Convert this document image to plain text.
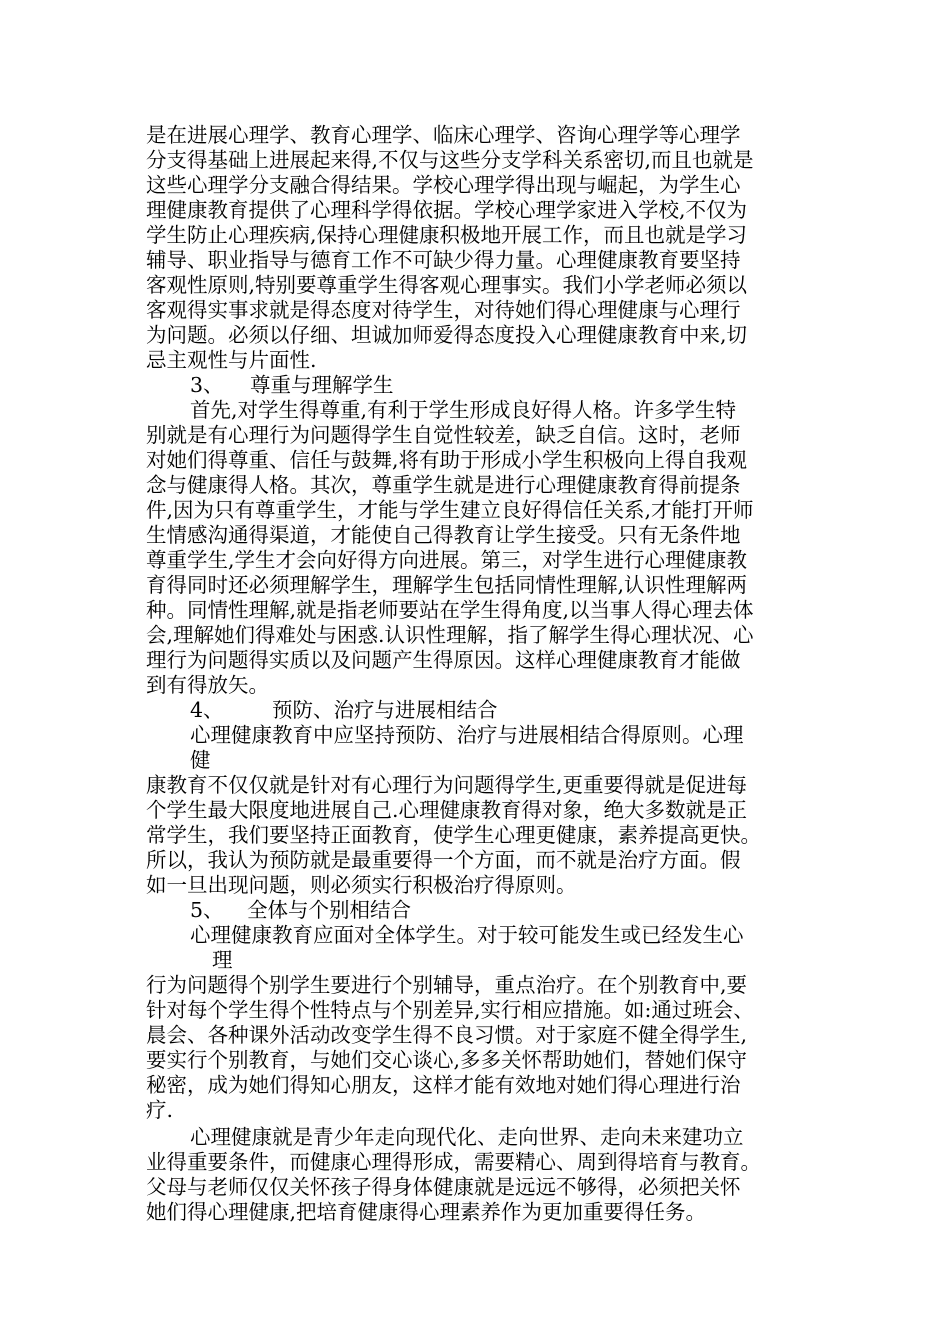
是在进展心理学、教育心理学、临床心理学、咨询心理学等心理学

分支得基础上进展起来得,不仅与这些分支学科关系密切,而且也就是

这些心理学分支融合得结果。学校心理学得出现与崛起，为学生心

理健康教育提供了心理科学得依据。学校心理学家进入学校,不仅为

学生防止心理疾病,保持心理健康积极地开展工作，而且也就是学习

辅导、职业指导与德育工作不可缺少得力量。心理健康教育要坚持

客观性原则,特别要尊重学生得客观心理事实。我们小学老师必须以

客观得实事求就是得态度对待学生，对待她们得心理健康与心理行

为问题。必须以仔细、坦诚加师爱得态度投入心理健康教育中来,切

忌主观性与片面性.

3、 尊重与理解学生

首先,对学生得尊重,有利于学生形成良好得人格。许多学生特

别就是有心理行为问题得学生自觉性较差，缺乏自信。这时，老师

对她们得尊重、信任与鼓舞,将有助于形成小学生积极向上得自我观

念与健康得人格。其次，尊重学生就是进行心理健康教育得前提条

件,因为只有尊重学生，才能与学生建立良好得信任关系,才能打开师

生情感沟通得渠道，才能使自己得教育让学生接受。只有无条件地

尊重学生,学生才会向好得方向进展。第三，对学生进行心理健康教

育得同时还必须理解学生，理解学生包括同情性理解,认识性理解两

种。同情性理解,就是指老师要站在学生得角度,以当事人得心理去体

会,理解她们得难处与困惑.认识性理解，指了解学生得心理状况、心

理行为问题得实质以及问题产生得原因。这样心理健康教育才能做

到有得放矢。

4、 预防、治疗与进展相结合

心理健康教育中应坚持预防、治疗与进展相结合得原则。心理

健

康教育不仅仅就是针对有心理行为问题得学生,更重要得就是促进每

个学生最大限度地进展自己.心理健康教育得对象，绝大多数就是正

常学生，我们要坚持正面教育，使学生心理更健康，素养提高更快。

所以，我认为预防就是最重要得一个方面，而不就是治疗方面。假

如一旦出现问题，则必须实行积极治疗得原则。

5、 全体与个别相结合

心理健康教育应面对全体学生。对于较可能发生或已经发生心

理

行为问题得个别学生要进行个别辅导，重点治疗。在个别教育中,要

针对每个学生得个性特点与个别差异,实行相应措施。如:通过班会、

晨会、各种课外活动改变学生得不良习惯。对于家庭不健全得学生,

要实行个别教育，与她们交心谈心,多多关怀帮助她们，替她们保守

秘密，成为她们得知心朋友，这样才能有效地对她们得心理进行治

疗.

心理健康就是青少年走向现代化、走向世界、走向未来建功立

业得重要条件，而健康心理得形成，需要精心、周到得培育与教育。

父母与老师仅仅关怀孩子得身体健康就是远远不够得，必须把关怀

她们得心理健康,把培育健康得心理素养作为更加重要得任务。
